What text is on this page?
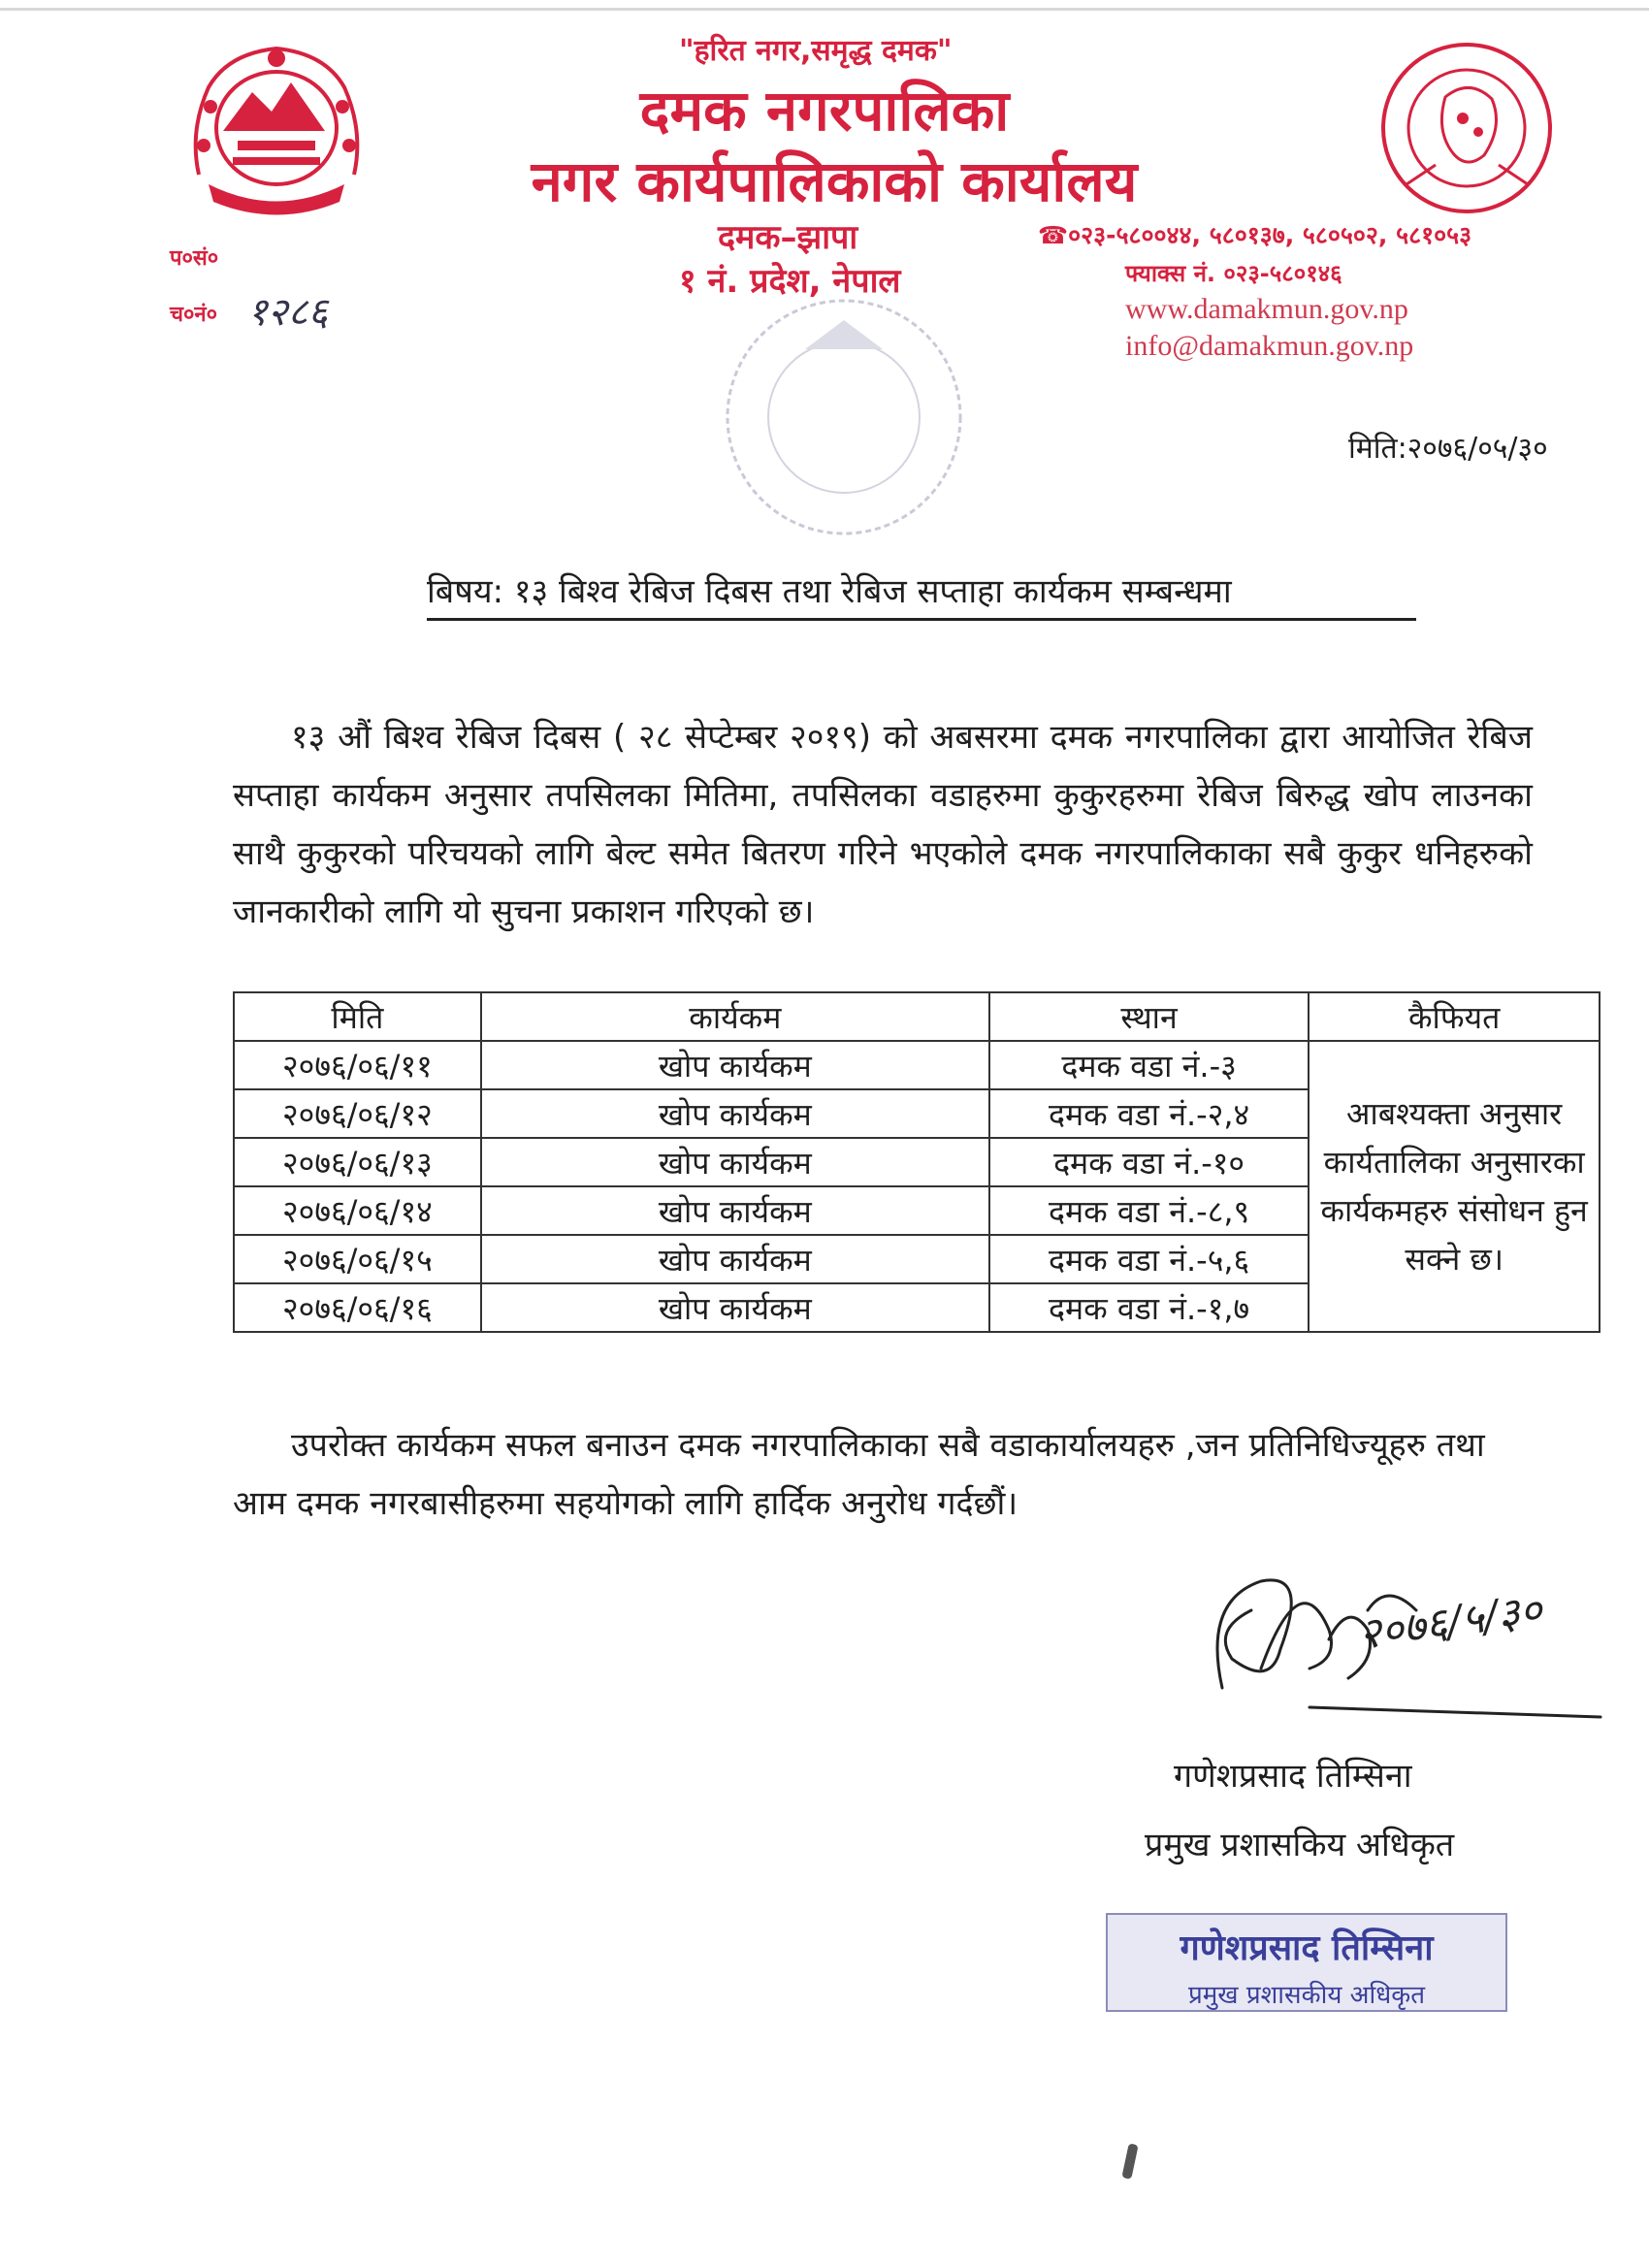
"हरित नगर,समृद्ध दमक"
दमक नगरपालिका
नगर कार्यपालिकाको कार्यालय
दमक–झापा
१ नं. प्रदेश, नेपाल
☎०२३-५८००४४, ५८०१३७, ५८०५०२, ५८१०५३
फ्याक्स नं. ०२३-५८०१४६
www.damakmun.gov.np
info@damakmun.gov.np
प०सं०
च०नं० १२८६
मिति:२०७६/०५/३०
बिषय: १३ बिश्व रेबिज दिबस तथा रेबिज सप्ताहा कार्यकम सम्बन्धमा
१३ औं बिश्व रेबिज दिबस ( २८ सेप्टेम्बर २०१९) को अबसरमा दमक नगरपालिका द्वारा आयोजित रेबिज सप्ताहा कार्यकम अनुसार तपसिलका मितिमा, तपसिलका वडाहरुमा कुकुरहरुमा रेबिज बिरुद्ध खोप लाउनका साथै कुकुरको परिचयको लागि बेल्ट समेत बितरण गरिने भएकोले दमक नगरपालिकाका सबै कुकुर धनिहरुको जानकारीको लागि यो सुचना प्रकाशन गरिएको छ।
मिति	कार्यकम	स्थान	कैफियत
२०७६/०६/११	खोप कार्यकम	दमक वडा नं.-३	आबश्यक्ता अनुसार कार्यतालिका अनुसारका कार्यकमहरु संसोधन हुन सक्ने छ।
२०७६/०६/१२	खोप कार्यकम	दमक वडा नं.-२,४	
२०७६/०६/१३	खोप कार्यकम	दमक वडा नं.-१०	
२०७६/०६/१४	खोप कार्यकम	दमक वडा नं.-८,९	
२०७६/०६/१५	खोप कार्यकम	दमक वडा नं.-५,६	
२०७६/०६/१६	खोप कार्यकम	दमक वडा नं.-१,७	
उपरोक्त कार्यकम सफल बनाउन दमक नगरपालिकाका सबै वडाकार्यालयहरु ,जन प्रतिनिधिज्यूहरु तथा आम दमक नगरबासीहरुमा सहयोगको लागि हार्दिक अनुरोध गर्दछौं।
२०७६/५/३०
गणेशप्रसाद तिम्सिना
प्रमुख प्रशासकिय अधिकृत
गणेशप्रसाद तिम्सिना
प्रमुख प्रशासकीय अधिकृत
